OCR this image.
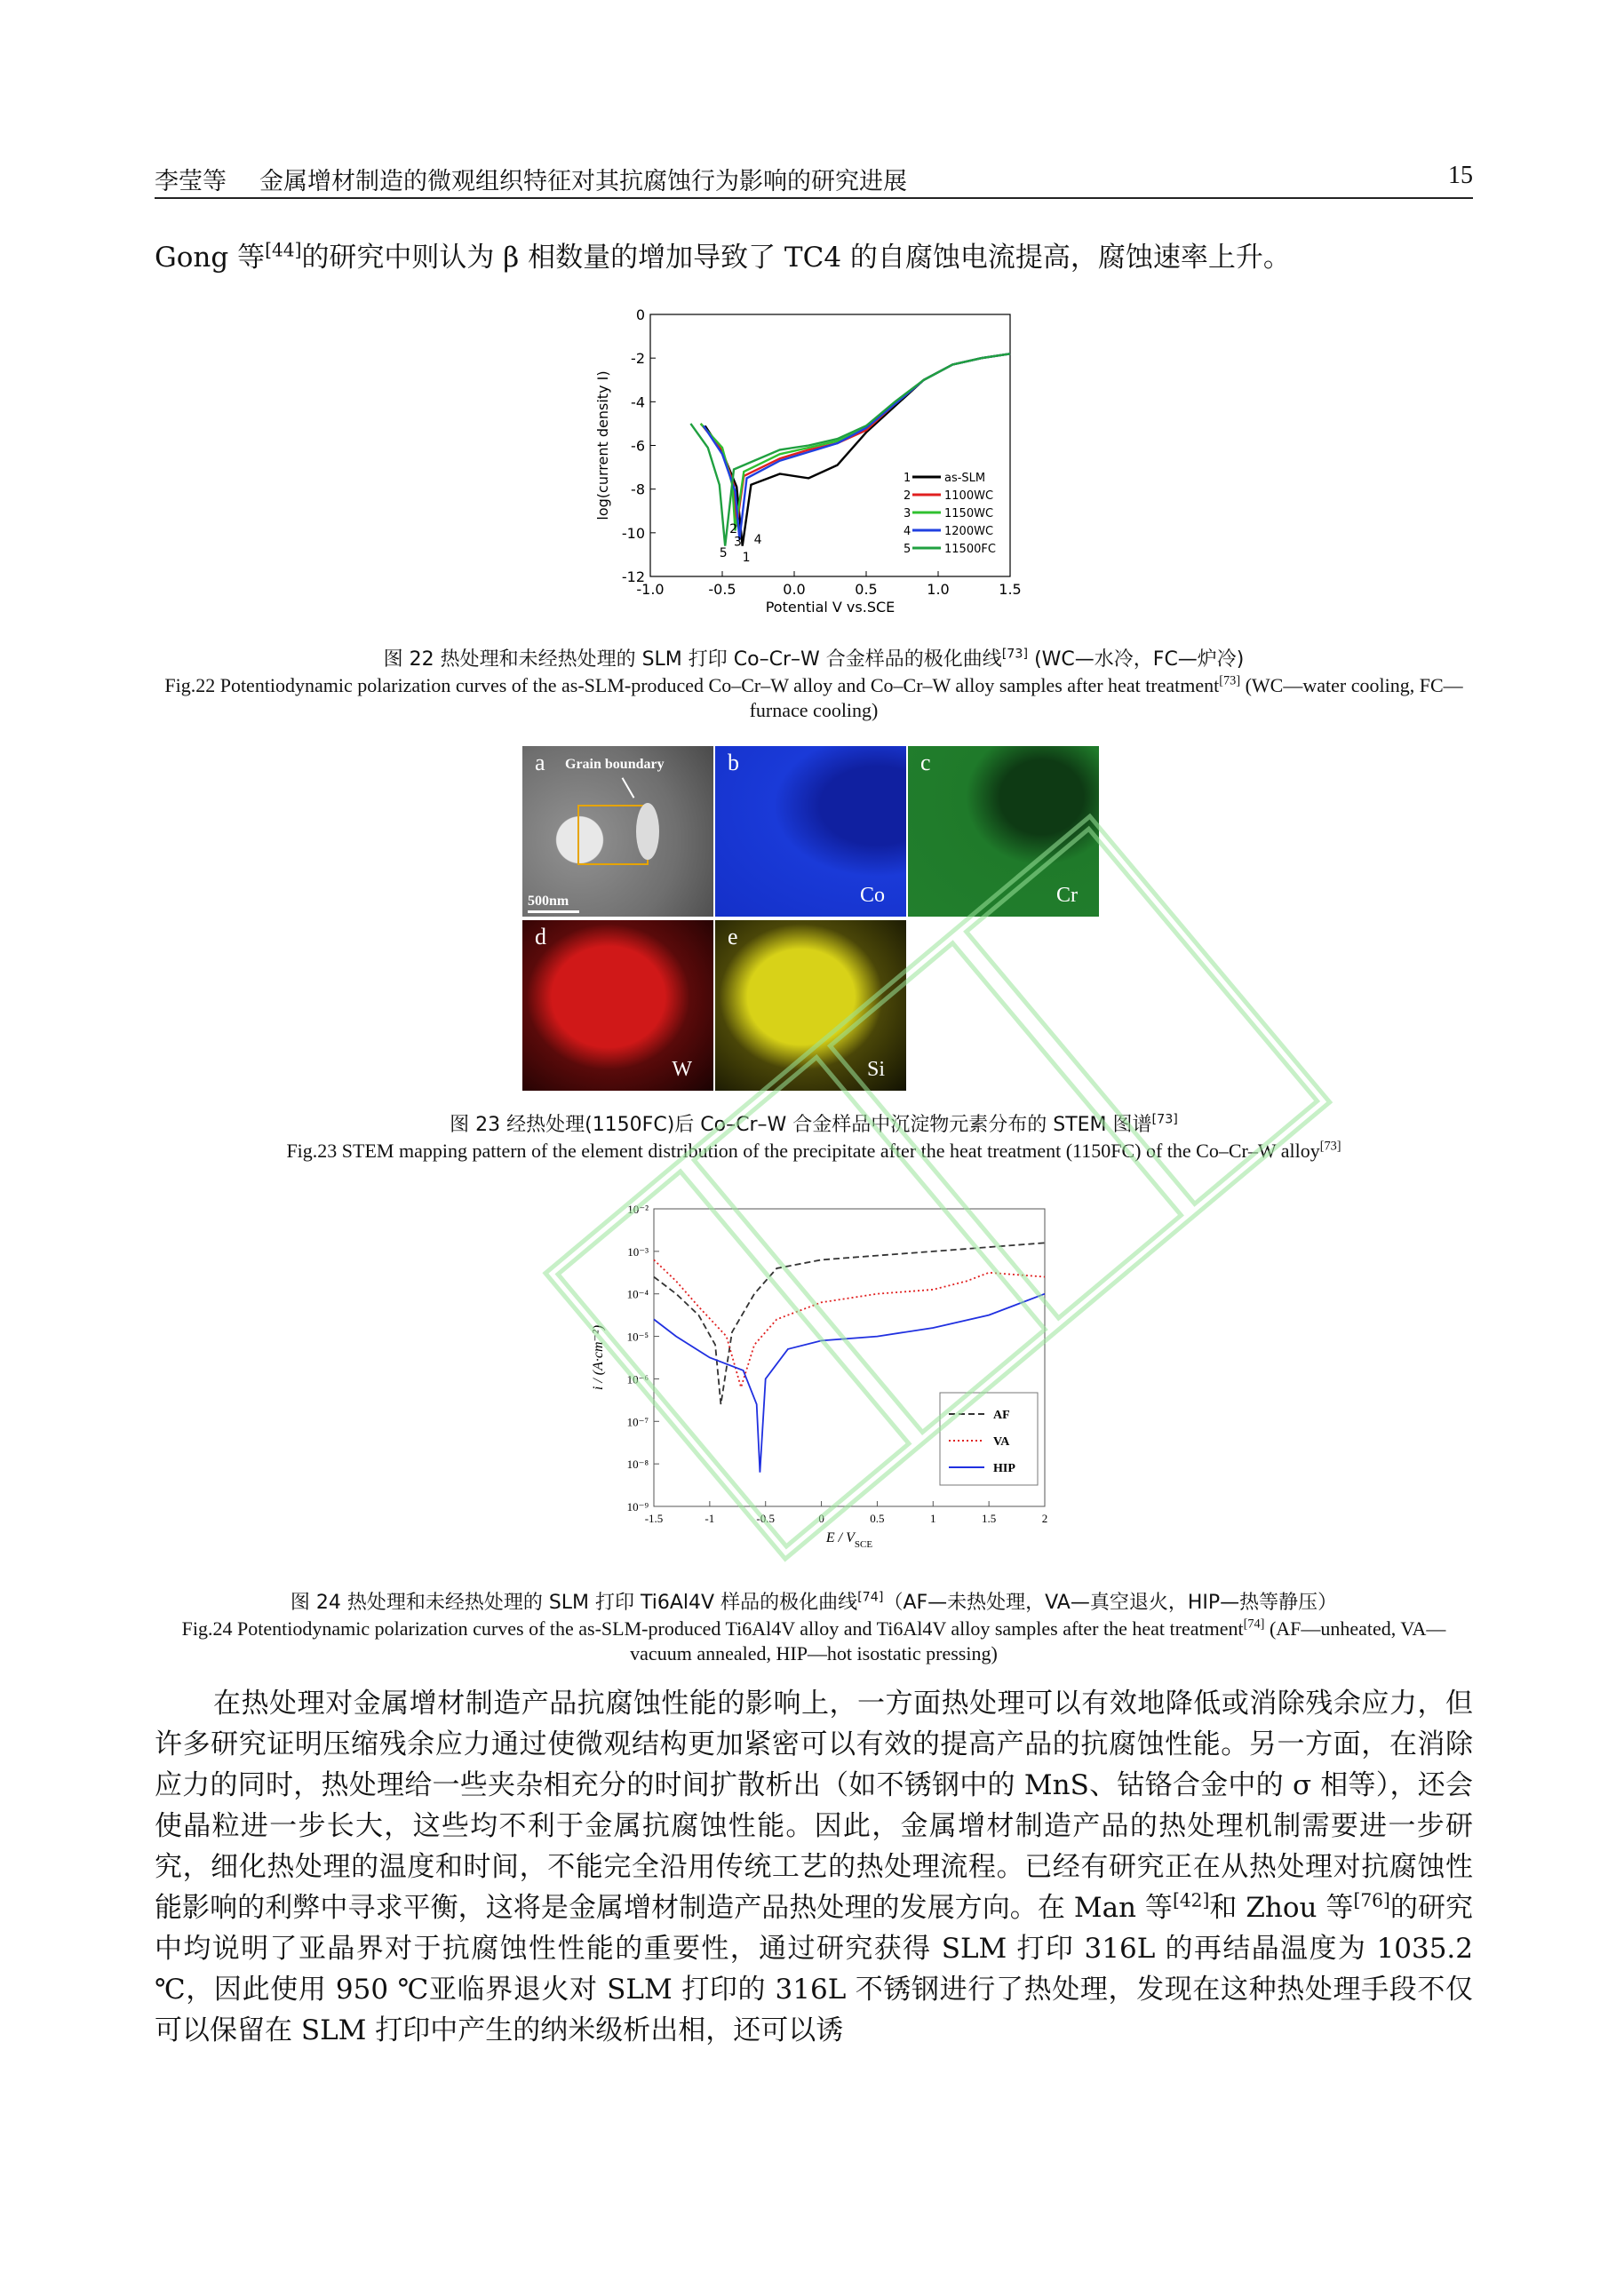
李莹等 金属增材制造的微观组织特征对其抗腐蚀行为影响的研究进展	15
Gong 等[44]的研究中则认为 β 相数量的增加导致了 TC4 的自腐蚀电流提高，腐蚀速率上升。
-1.0	-0.5	0.0	0.5	1.0	1.5
0
-2
-4
-6
-8
-10
-12
Potential V vs.SCE
log(current density I)
2
3 4
5 1
1	as-SLM
2	1100WC
3	1150WC
4	1200WC
5	11500FC
图 22 热处理和未经热处理的 SLM 打印 Co–Cr–W 合金样品的极化曲线[73] (WC—水冷，FC—炉冷)
Fig.22 Potentiodynamic polarization curves of the as-SLM-produced Co–Cr–W alloy and Co–Cr–W alloy samples after heat treatment[73] (WC—water cooling, FC—furnace cooling)
a Grain boundary
500nm
b
Co
c
Cr
d
W
e
Si
图 23 经热处理(1150FC)后 Co–Cr–W 合金样品中沉淀物元素分布的 STEM 图谱[73]
Fig.23 STEM mapping pattern of the element distribution of the precipitate after the heat treatment (1150FC) of the Co–Cr–W alloy[73]
-1.5	-1	-0.5	0	0.5	1	1.5	2
10⁻²
10⁻³
10⁻⁴
10⁻⁵
10⁻⁶
10⁻⁷
10⁻⁸
10⁻⁹
E / $V_{SCE}$
i / (A·cm⁻²)
AF
VA
HIP
图 24 热处理和未经热处理的 SLM 打印 Ti6Al4V 样品的极化曲线[74]（AF—未热处理，VA—真空退火，HIP—热等静压）
Fig.24 Potentiodynamic polarization curves of the as-SLM-produced Ti6Al4V alloy and Ti6Al4V alloy samples after the heat treatment[74] (AF—unheated, VA—vacuum annealed, HIP—hot isostatic pressing)

在热处理对金属增材制造产品抗腐蚀性能的影响上，一方面热处理可以有效地降低或消除残余应力，但许多研究证明压缩残余应力通过使微观结构更加紧密可以有效的提高产品的抗腐蚀性能。另一方面，在消除应力的同时，热处理给一些夹杂相充分的时间扩散析出（如不锈钢中的 MnS、钴铬合金中的 σ 相等），还会使晶粒进一步长大，这些均不利于金属抗腐蚀性能。因此，金属增材制造产品的热处理机制需要进一步研究，细化热处理的温度和时间，不能完全沿用传统工艺的热处理流程。已经有研究正在从热处理对抗腐蚀性能影响的利弊中寻求平衡，这将是金属增材制造产品热处理的发展方向。在 Man 等[42]和 Zhou 等[76]的研究中均说明了亚晶界对于抗腐蚀性性能的重要性，通过研究获得 SLM 打印 316L 的再结晶温度为 1035.2 ℃，因此使用 950 ℃亚临界退火对 SLM 打印的 316L 不锈钢进行了热处理，发现在这种热处理手段不仅可以保留在 SLM 打印中产生的纳米级析出相，还可以诱
